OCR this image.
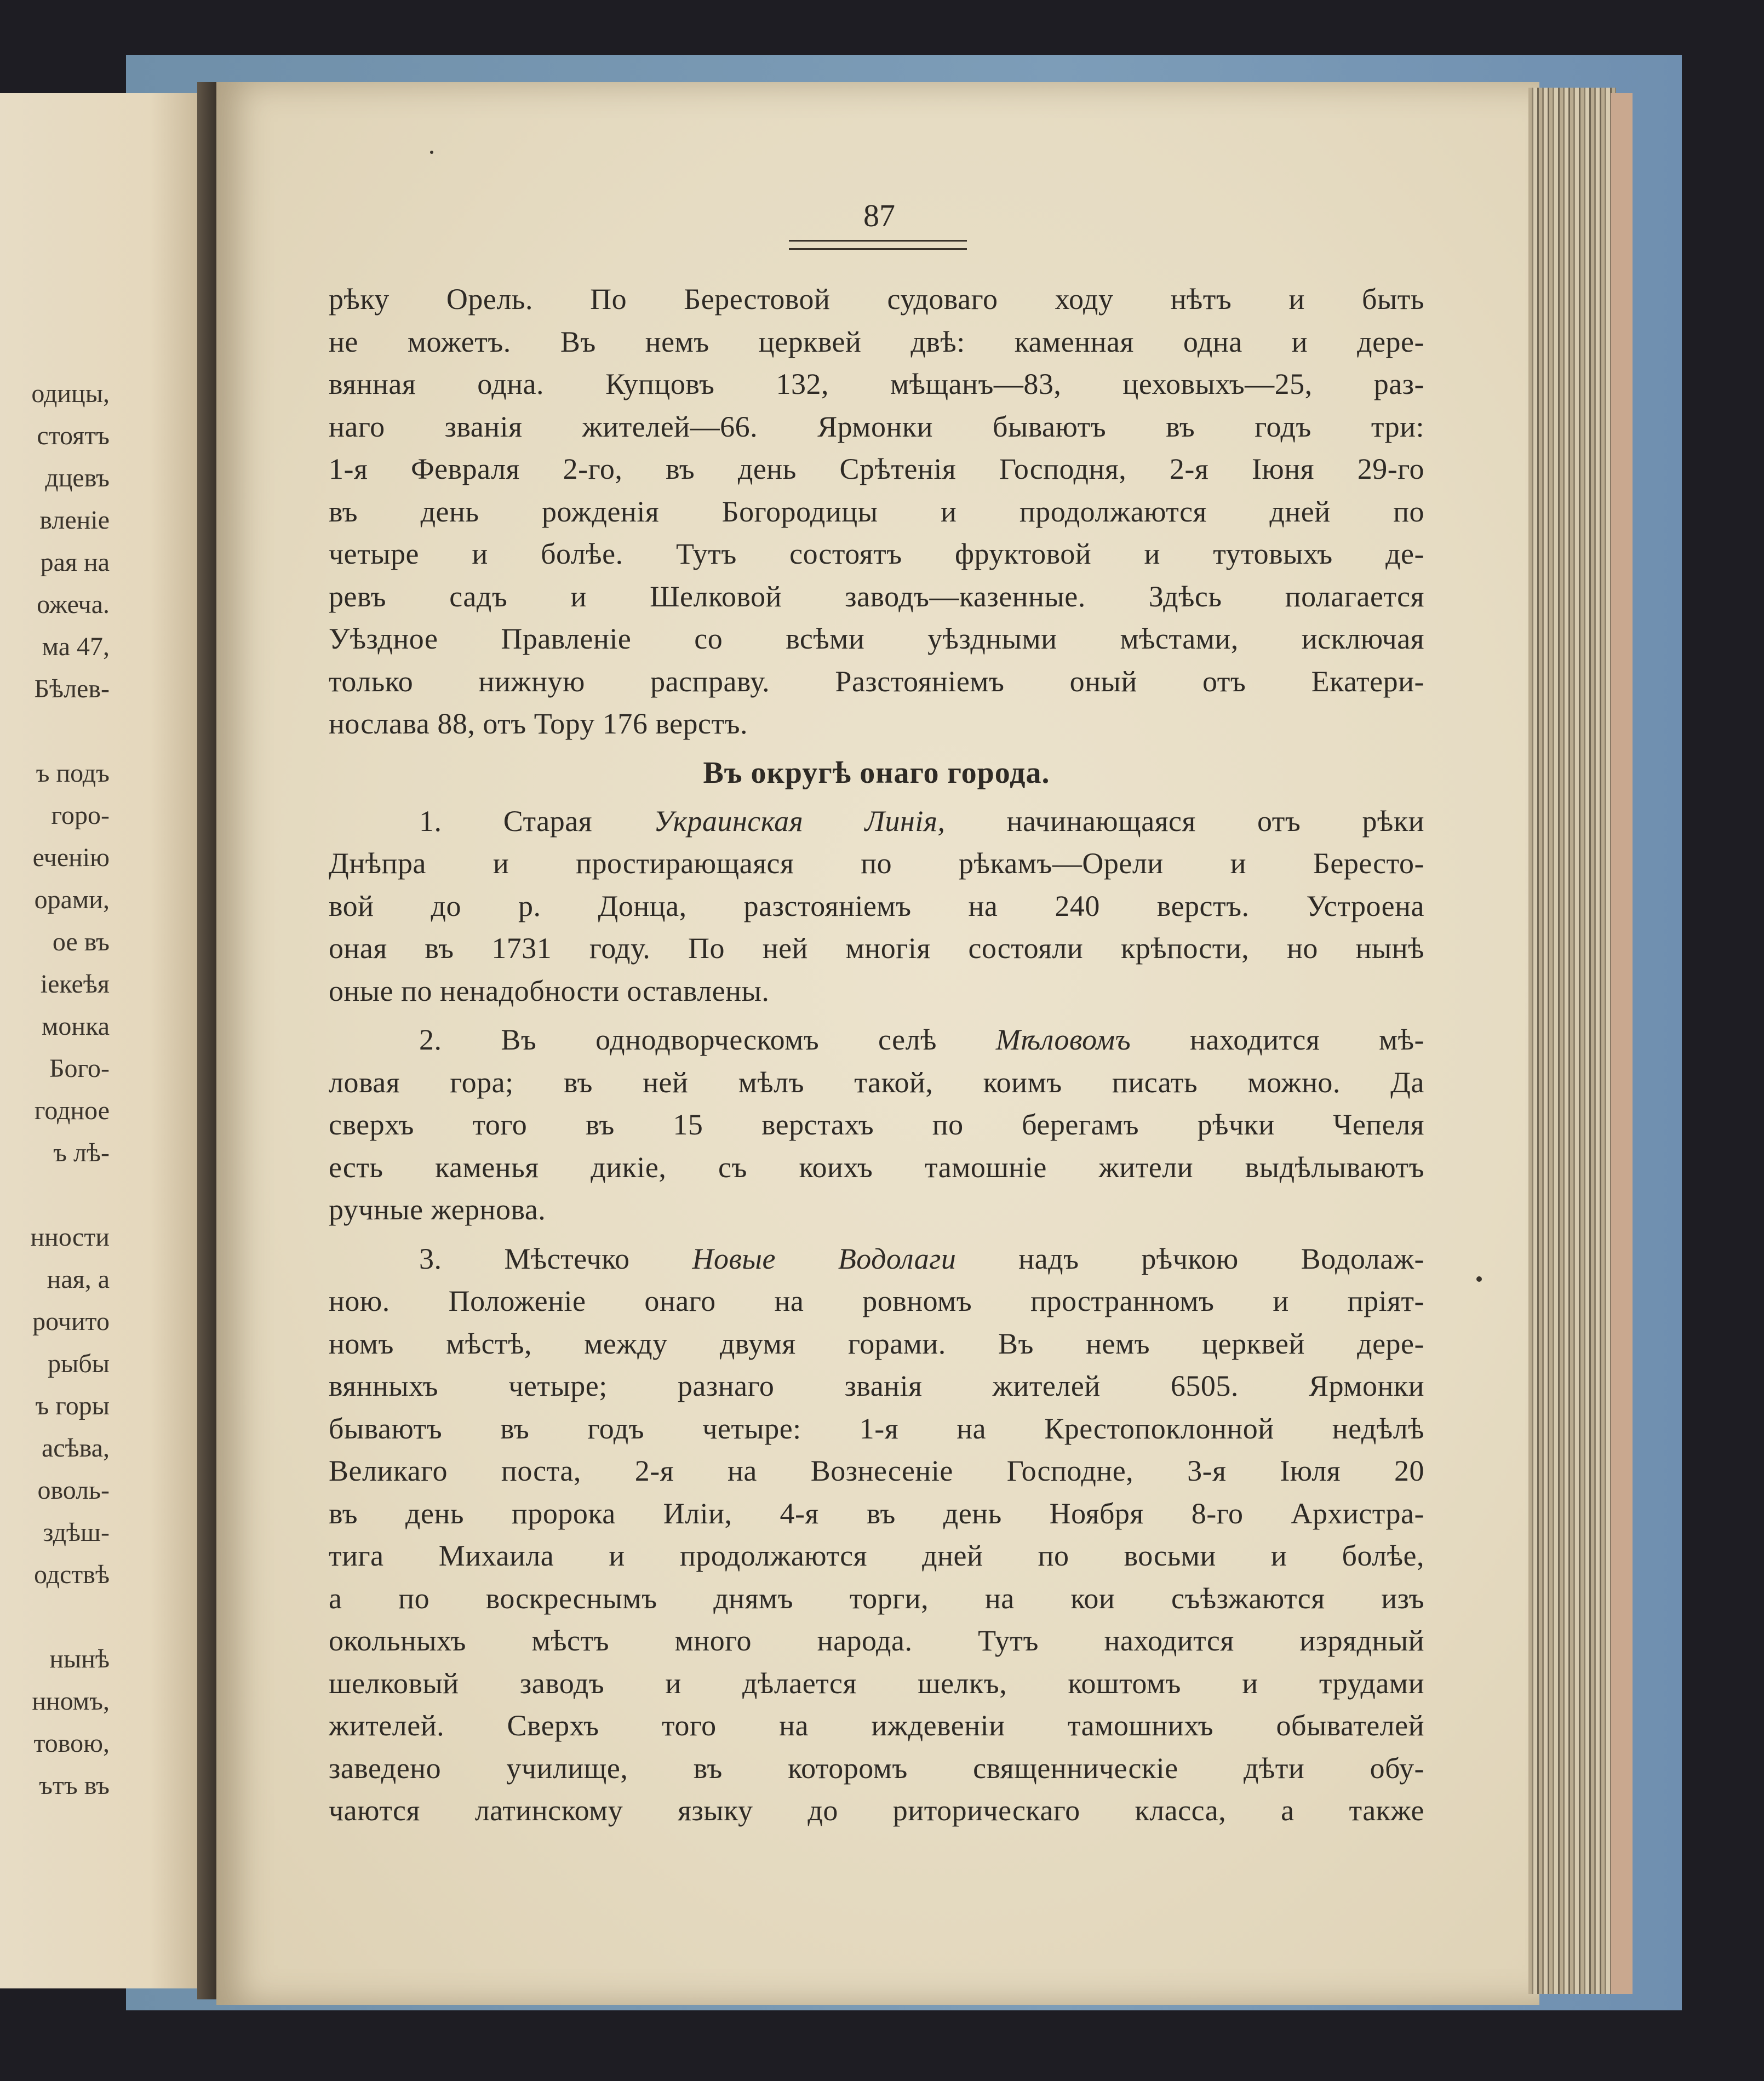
одицы,
стоятъ
дцевъ
вленіе
рая на
ожеча.
ма 47,
Бѣлев-
ъ подъ
горо-
еченію
орами,
ое въ
іекеѣя
монка
Бого-
годное
ъ лѣ-
нности
ная, а
рочито
рыбы
ъ горы
асѣва,
оволь-
здѣш-
одствѣ
нынѣ
нномъ,
товою,
ътъ въ
87
рѣку Орель. По Берестовой судоваго ходу нѣтъ и быть
не можетъ. Въ немъ церквей двѣ: каменная одна и дере-
вянная одна. Купцовъ 132, мѣщанъ—83, цеховыхъ—25, раз-
наго званія жителей—66. Ярмонки бываютъ въ годъ три:
1-я Февраля 2-го, въ день Срѣтенія Господня, 2-я Іюня 29-го
въ день рожденія Богородицы и продолжаются дней по
четыре и болѣе. Тутъ состоятъ фруктовой и тутовыхъ де-
ревъ садъ и Шелковой заводъ—казенные. Здѣсь полагается
Уѣздное Правленіе со всѣми уѣздными мѣстами, исключая
только нижную расправу. Разстояніемъ оный отъ Екатери-
нослава 88, отъ Тору 176 верстъ.
Въ округѣ онаго города.
1. Старая Украинская Линія, начинающаяся отъ рѣки
Днѣпра и простирающаяся по рѣкамъ—Орели и Бересто-
вой до р. Донца, разстояніемъ на 240 верстъ. Устроена
оная въ 1731 году. По ней многія состояли крѣпости, но нынѣ
оные по ненадобности оставлены.
2. Въ однодворческомъ селѣ Мѣловомъ находится мѣ-
ловая гора; въ ней мѣлъ такой, коимъ писать можно. Да
сверхъ того въ 15 верстахъ по берегамъ рѣчки Чепеля
есть каменья дикіе, съ коихъ тамошніе жители выдѣлываютъ
ручные жернова.
3. Мѣстечко Новые Водолаги надъ рѣчкою Водолаж-
ною. Положеніе онаго на ровномъ пространномъ и пріят-
номъ мѣстѣ, между двумя горами. Въ немъ церквей дере-
вянныхъ четыре; разнаго званія жителей 6505. Ярмонки
бываютъ въ годъ четыре: 1-я на Крестопоклонной недѣлѣ
Великаго поста, 2-я на Вознесеніе Господне, 3-я Іюля 20
въ день пророка Иліи, 4-я въ день Ноября 8-го Архистра-
тига Михаила и продолжаются дней по восьми и болѣе,
а по воскреснымъ днямъ торги, на кои съѣзжаются изъ
окольныхъ мѣстъ много народа. Тутъ находится изрядный
шелковый заводъ и дѣлается шелкъ, коштомъ и трудами
жителей. Сверхъ того на иждевеніи тамошнихъ обывателей
заведено училище, въ которомъ священническіе дѣти обу-
чаются латинскому языку до риторическаго класса, а также
